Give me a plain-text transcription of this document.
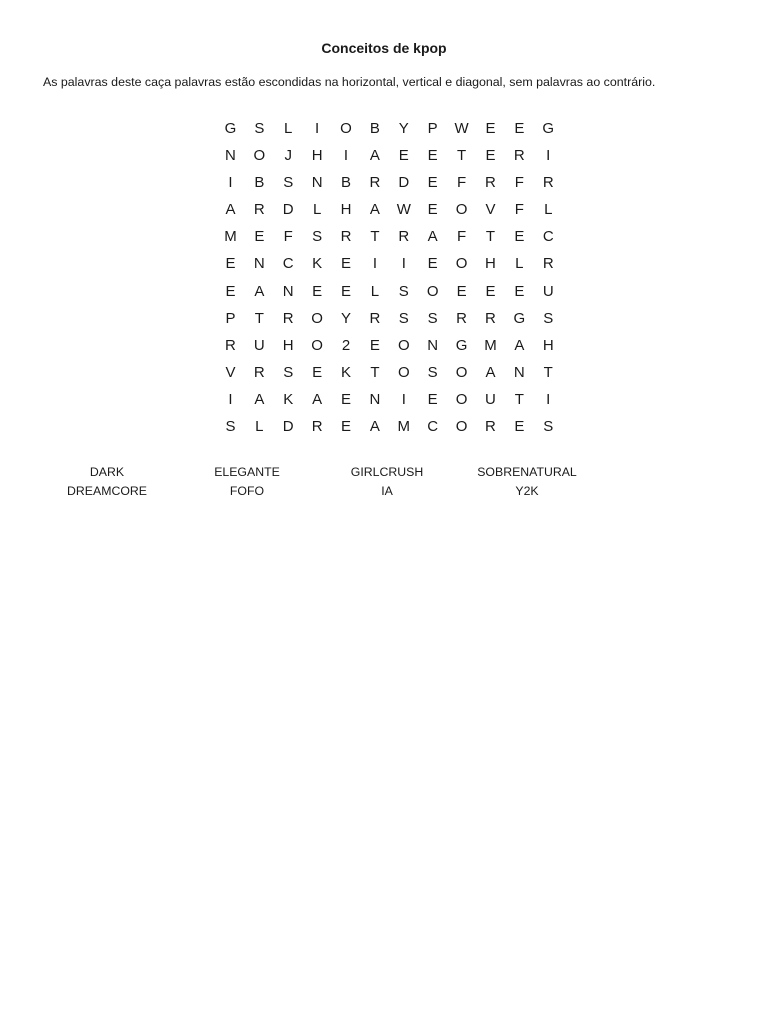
Conceitos de kpop

As palavras deste caça palavras estão escondidas na horizontal, vertical e diagonal, sem palavras ao contrário.

G	S	L	I	O	B	Y	P	W	E	E	G
N	O	J	H	I	A	E	E	T	E	R	I
I	B	S	N	B	R	D	E	F	R	F	R
A	R	D	L	H	A	W	E	O	V	F	L
M	E	F	S	R	T	R	A	F	T	E	C
E	N	C	K	E	I	I	E	O	H	L	R
E	A	N	E	E	L	S	O	E	E	E	U
P	T	R	O	Y	R	S	S	R	R	G	S
R	U	H	O	2	E	O	N	G	M	A	H
V	R	S	E	K	T	O	S	O	A	N	T
I	A	K	A	E	N	I	E	O	U	T	I
S	L	D	R	E	A	M	C	O	R	E	S
DARK	ELEGANTE	GIRLCRUSH	SOBRENATURAL
DREAMCORE	FOFO	IA	Y2K
